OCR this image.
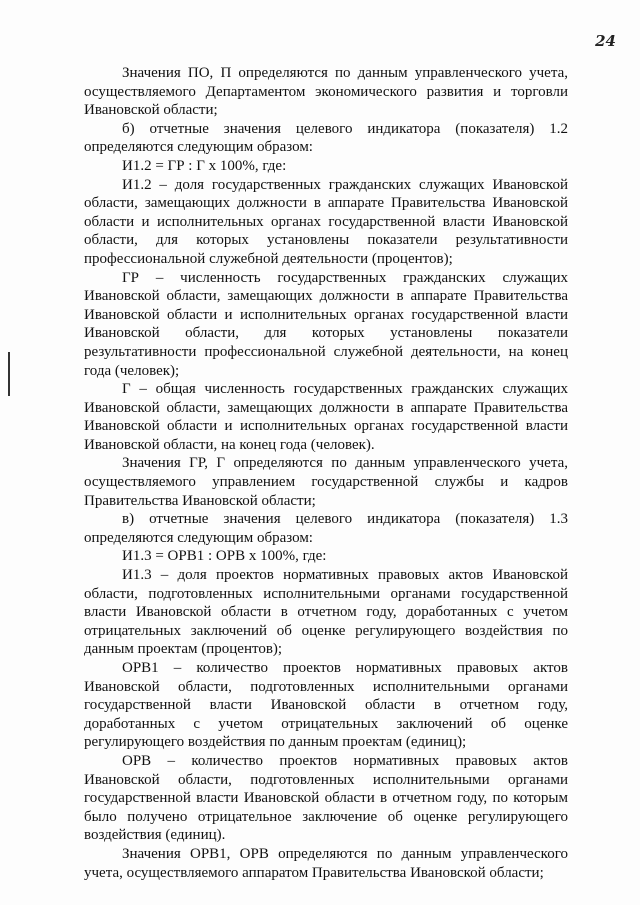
24

Значения ПО, П определяются по данным управленческого учета, осуществляемого Департаментом экономического развития и торговли Ивановской области;

б) отчетные значения целевого индикатора (показателя) 1.2 определяются следующим образом:

И1.2 = ГР : Г х 100%, где:

И1.2 – доля государственных гражданских служащих Ивановской области, замещающих должности в аппарате Правительства Ивановской области и исполнительных органах государственной власти Ивановской области, для которых установлены показатели результативности профессиональной служебной деятельности (процентов);

ГР – численность государственных гражданских служащих Ивановской области, замещающих должности в аппарате Правительства Ивановской области и исполнительных органах государственной власти Ивановской области, для которых установлены показатели результативности профессиональной служебной деятельности, на конец года (человек);

Г – общая численность государственных гражданских служащих Ивановской области, замещающих должности в аппарате Правительства Ивановской области и исполнительных органах государственной власти Ивановской области, на конец года (человек).

Значения ГР, Г определяются по данным управленческого учета, осуществляемого управлением государственной службы и кадров Правительства Ивановской области;

в) отчетные значения целевого индикатора (показателя) 1.3 определяются следующим образом:

И1.3 = ОРВ1 : ОРВ х 100%, где:

И1.3 – доля проектов нормативных правовых актов Ивановской области, подготовленных исполнительными органами государственной власти Ивановской области в отчетном году, доработанных с учетом отрицательных заключений об оценке регулирующего воздействия по данным проектам (процентов);

ОРВ1 – количество проектов нормативных правовых актов Ивановской области, подготовленных исполнительными органами государственной власти Ивановской области в отчетном году, доработанных с учетом отрицательных заключений об оценке регулирующего воздействия по данным проектам (единиц);

ОРВ – количество проектов нормативных правовых актов Ивановской области, подготовленных исполнительными органами государственной власти Ивановской области в отчетном году, по которым было получено отрицательное заключение об оценке регулирующего воздействия (единиц).

Значения ОРВ1, ОРВ определяются по данным управленческого учета, осуществляемого аппаратом Правительства Ивановской области;
